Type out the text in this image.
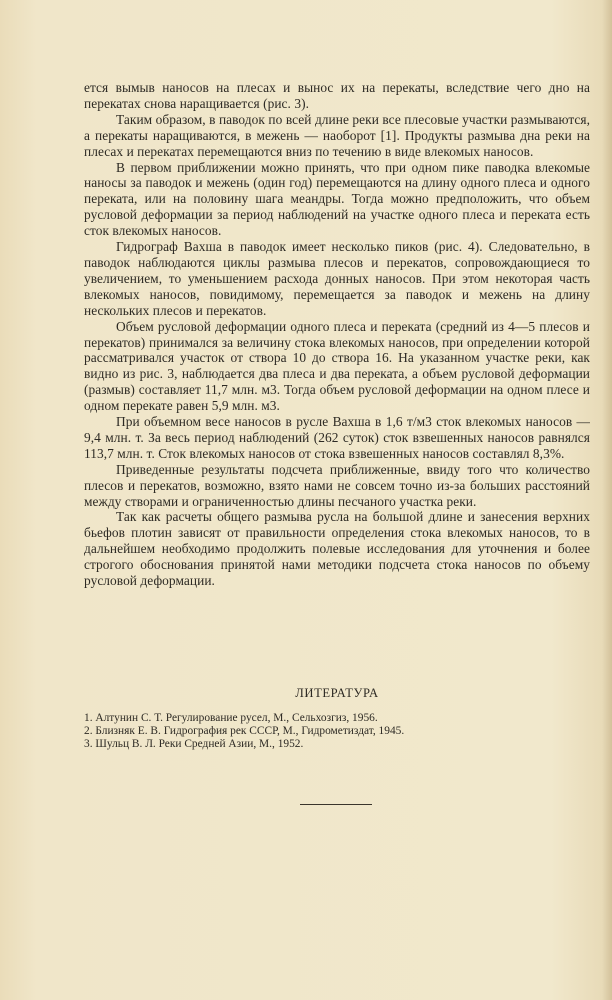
ется вымыв наносов на плесах и вынос их на перекаты, вследствие чего дно на перекатах снова наращивается (рис. 3).

Таким образом, в паводок по всей длине реки все плесовые участки размываются, а перекаты наращиваются, в межень — наоборот [1]. Продукты размыва дна реки на плесах и перекатах перемещаются вниз по течению в виде влекомых наносов.

В первом приближении можно принять, что при одном пике паводка влекомые наносы за паводок и межень (один год) перемещаются на длину одного плеса и одного переката, или на половину шага меандры. Тогда можно предположить, что объем русловой деформации за период наблюдений на участке одного плеса и переката есть сток влекомых наносов.

Гидрограф Вахша в паводок имеет несколько пиков (рис. 4). Следовательно, в паводок наблюдаются циклы размыва плесов и перекатов, сопровождающиеся то увеличением, то уменьшением расхода донных наносов. При этом некоторая часть влекомых наносов, повидимому, перемещается за паводок и межень на длину нескольких плесов и перекатов.

Объем русловой деформации одного плеса и переката (средний из 4—5 плесов и перекатов) принимался за величину стока влекомых наносов, при определении которой рассматривался участок от створа 10 до створа 16. На указанном участке реки, как видно из рис. 3, наблюдается два плеса и два переката, а объем русловой деформации (размыв) составляет 11,7 млн. м3. Тогда объем русловой деформации на одном плесе и одном перекате равен 5,9 млн. м3.

При объемном весе наносов в русле Вахша в 1,6 т/м3 сток влекомых наносов — 9,4 млн. т. За весь период наблюдений (262 суток) сток взвешенных наносов равнялся 113,7 млн. т. Сток влекомых наносов от стока взвешенных наносов составлял 8,3%.

Приведенные результаты подсчета приближенные, ввиду того что количество плесов и перекатов, возможно, взято нами не совсем точно из-за больших расстояний между створами и ограниченностью длины песчаного участка реки.

Так как расчеты общего размыва русла на большой длине и занесения верхних бьефов плотин зависят от правильности определения стока влекомых наносов, то в дальнейшем необходимо продолжить полевые исследования для уточнения и более строгого обоснования принятой нами методики подсчета стока наносов по объему русловой деформации.

ЛИТЕРАТУРА
1. Алтунин С. Т. Регулирование русел, М., Сельхозгиз, 1956.
2. Близняк Е. В. Гидрография рек СССР, М., Гидрометиздат, 1945.
3. Шульц В. Л. Реки Средней Азии, М., 1952.
